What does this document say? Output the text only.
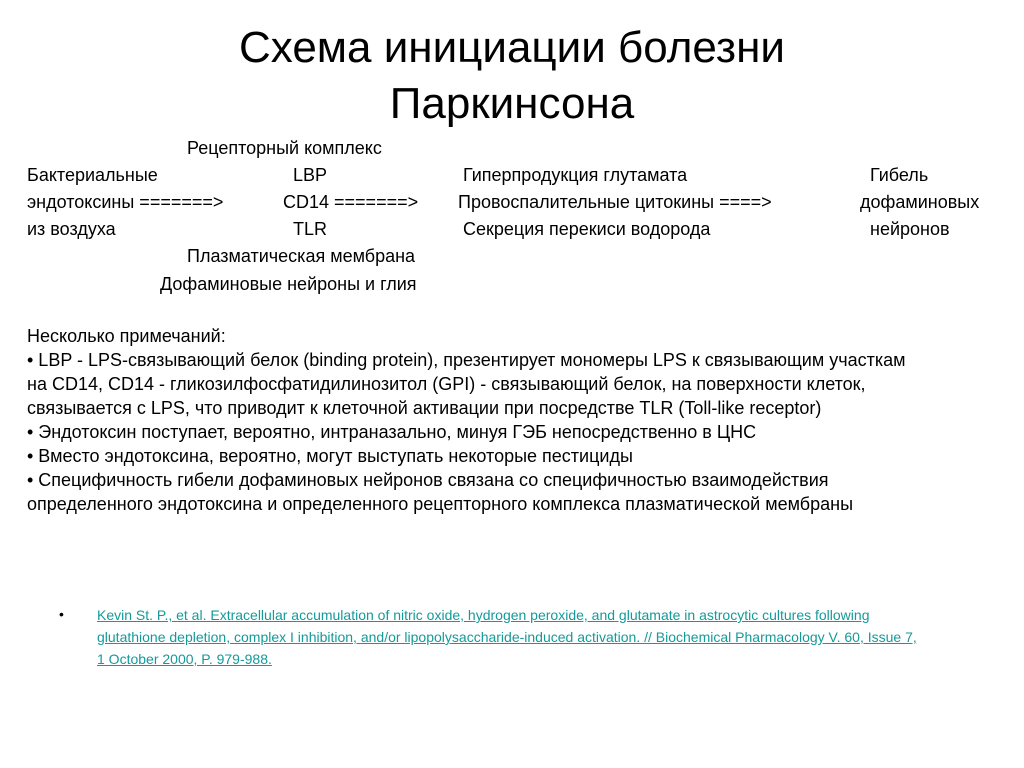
Схема инициации болезни
Паркинсона
Рецепторный комплекс
Бактериальные
эндотоксины =======>
из воздуха
LBP
CD14 =======>
TLR
Гиперпродукция глутамата
Провоспалительные цитокины ====>
Секреция перекиси водорода
Гибель
дофаминовых
нейронов
Плазматическая мембрана
Дофаминовые нейроны и глия
Несколько примечаний:
• LBP - LPS-связывающий белок (binding protein), презентирует мономеры LPS к связывающим участкам
на CD14, CD14 - гликозилфосфатидилинозитол (GPI) - связывающий белок, на поверхности клеток,
связывается с LPS, что приводит к клеточной активации при посредстве TLR (Toll-like receptor)
• Эндотоксин поступает, вероятно, интраназально, минуя ГЭБ непосредственно в ЦНС
• Вместо эндотоксина, вероятно, могут выступать некоторые пестициды
• Специфичность гибели дофаминовых нейронов связана со специфичностью взаимодействия
определенного эндотоксина и определенного рецепторного комплекса плазматической мембраны
• Kevin St. P., et al. Extracellular accumulation of nitric oxide, hydrogen peroxide, and glutamate in astrocytic cultures following glutathione depletion, complex I inhibition, and/or lipopolysaccharide-induced activation. // Biochemical Pharmacology V. 60, Issue 7, 1 October 2000, P. 979-988.
